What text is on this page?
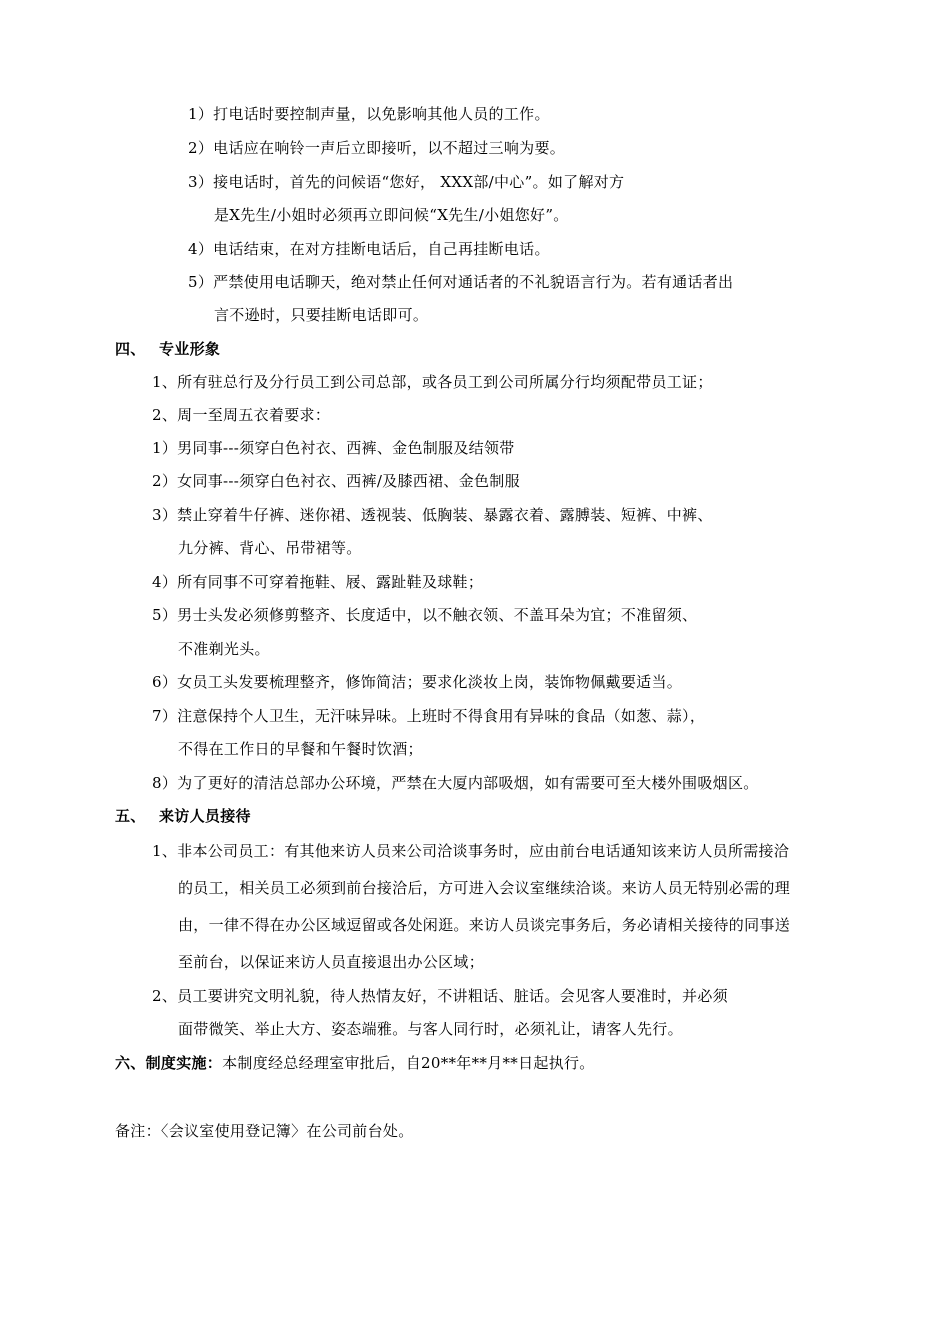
1）打电话时要控制声量，以免影响其他人员的工作。
2）电话应在响铃一声后立即接听，以不超过三响为要。
3）接电话时，首先的问候语“您好， XXX部/中心”。如了解对方
是X先生/小姐时必须再立即问候“X先生/小姐您好”。
4）电话结束，在对方挂断电话后，自己再挂断电话。
5）严禁使用电话聊天，绝对禁止任何对通话者的不礼貌语言行为。若有通话者出
言不逊时，只要挂断电话即可。
四、 专业形象
1、所有驻总行及分行员工到公司总部，或各员工到公司所属分行均须配带员工证；
2、周一至周五衣着要求：
1）男同事---须穿白色衬衣、西裤、金色制服及结领带
2）女同事---须穿白色衬衣、西裤/及膝西裙、金色制服
3）禁止穿着牛仔裤、迷你裙、透视装、低胸装、暴露衣着、露膊装、短裤、中裤、
九分裤、背心、吊带裙等。
4）所有同事不可穿着拖鞋、屐、露趾鞋及球鞋；
5）男士头发必须修剪整齐、长度适中，以不触衣领、不盖耳朵为宜；不准留须、
不准剃光头。
6）女员工头发要梳理整齐，修饰简洁；要求化淡妆上岗，装饰物佩戴要适当。
7）注意保持个人卫生，无汗味异味。上班时不得食用有异味的食品（如葱、蒜），
不得在工作日的早餐和午餐时饮酒；
8）为了更好的清洁总部办公环境，严禁在大厦内部吸烟，如有需要可至大楼外围吸烟区。
五、 来访人员接待
1、非本公司员工：有其他来访人员来公司洽谈事务时，应由前台电话通知该来访人员所需接洽
的员工，相关员工必须到前台接洽后，方可进入会议室继续洽谈。来访人员无特别必需的理
由，一律不得在办公区域逗留或各处闲逛。来访人员谈完事务后，务必请相关接待的同事送
至前台，以保证来访人员直接退出办公区域；
2、员工要讲究文明礼貌，待人热情友好，不讲粗话、脏话。会见客人要准时，并必须
面带微笑、举止大方、姿态端雅。与客人同行时，必须礼让，请客人先行。
六、制度实施：本制度经总经理室审批后，自20**年**月**日起执行。
备注：〈会议室使用登记簿〉在公司前台处。
